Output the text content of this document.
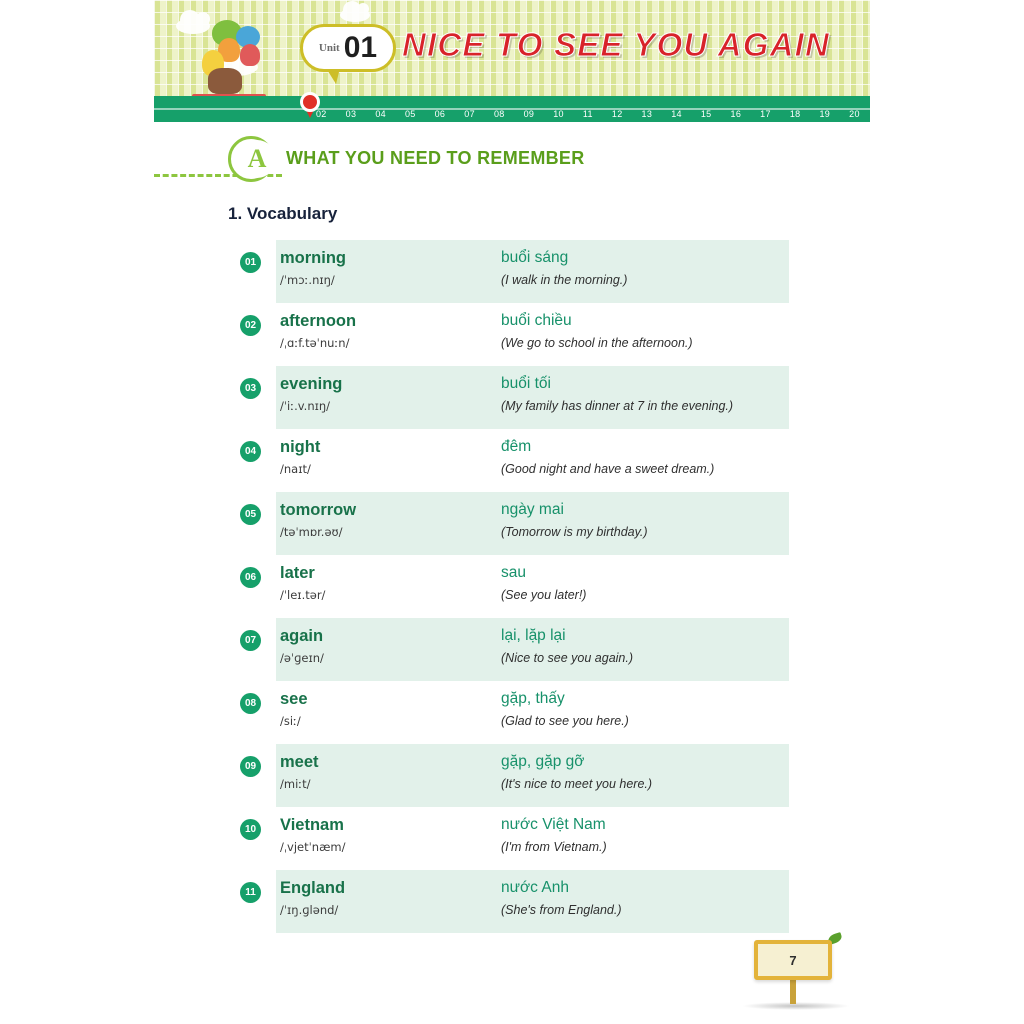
Unit 01 NICE TO SEE YOU AGAIN
02 03 04 05 06 07 08 09 10 11 12 13 14 15 16 17 18 19 20
A	WHAT YOU NEED TO REMEMBER
1. Vocabulary
01 morning
/ˈmɔː.nɪŋ/
buổi sáng
(I walk in the morning.)
02 afternoon
/ˌɑːf.təˈnuːn/
buổi chiều
(We go to school in the afternoon.)
03 evening
/ˈiː.v.nɪŋ/
buổi tối
(My family has dinner at 7 in the evening.)
04 night
/naɪt/
đêm
(Good night and have a sweet dream.)
05 tomorrow
/təˈmɒr.əʊ/
ngày mai
(Tomorrow is my birthday.)
06 later
/ˈleɪ.tər/
sau
(See you later!)
07 again
/əˈɡeɪn/
lại, lặp lại
(Nice to see you again.)
08 see
/siː/
gặp, thấy
(Glad to see you here.)
09 meet
/miːt/
gặp, gặp gỡ
(It's nice to meet you here.)
10 Vietnam
/ˌvjetˈnæm/
nước Việt Nam
(I'm from Vietnam.)
11	England
/ˈɪŋ.ɡlənd/
nước Anh
(She's from England.)
7
